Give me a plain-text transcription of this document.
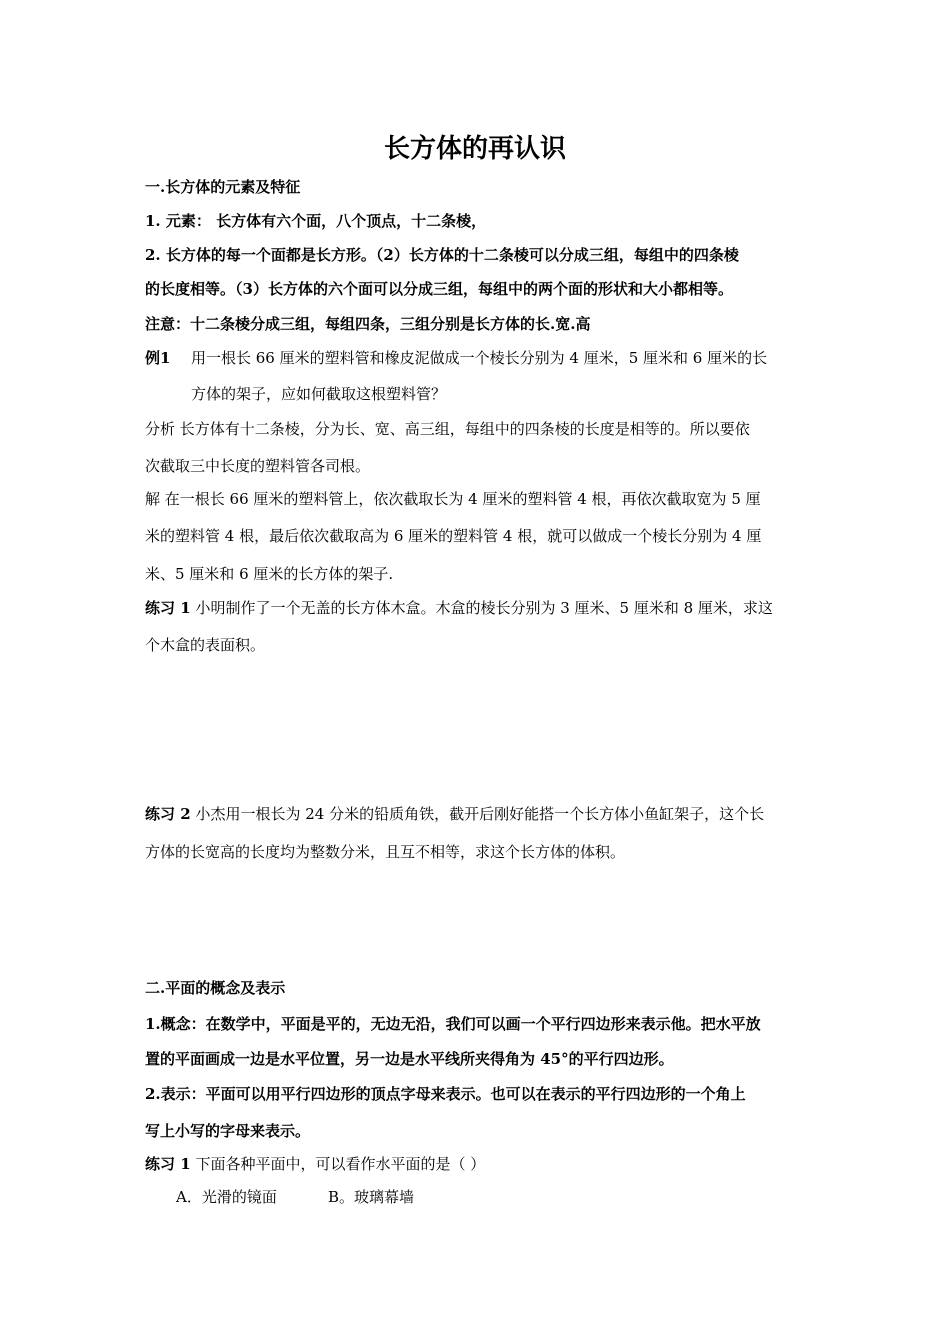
长方体的再认识
一.长方体的元素及特征
1. 元素： 长方体有六个面，八个顶点，十二条棱，
2. 长方体的每一个面都是长方形。（2）长方体的十二条棱可以分成三组，每组中的四条棱
的长度相等。（3）长方体的六个面可以分成三组，每组中的两个面的形状和大小都相等。
注意：十二条棱分成三组，每组四条，三组分别是长方体的长.宽.高
例1 用一根长 66 厘米的塑料管和橡皮泥做成一个棱长分别为 4 厘米，5 厘米和 6 厘米的长
方体的架子，应如何截取这根塑料管？
分析 长方体有十二条棱，分为长、宽、高三组，每组中的四条棱的长度是相等的。所以要依
次截取三中长度的塑料管各司根。
解 在一根长 66 厘米的塑料管上，依次截取长为 4 厘米的塑料管 4 根，再依次截取宽为 5 厘
米的塑料管 4 根，最后依次截取高为 6 厘米的塑料管 4 根，就可以做成一个棱长分别为 4 厘
米、5 厘米和 6 厘米的长方体的架子.
练习 1 小明制作了一个无盖的长方体木盒。木盒的棱长分别为 3 厘米、5 厘米和 8 厘米，求这
个木盒的表面积。
练习 2 小杰用一根长为 24 分米的铅质角铁，截开后刚好能搭一个长方体小鱼缸架子，这个长
方体的长宽高的长度均为整数分米，且互不相等，求这个长方体的体积。
二.平面的概念及表示
1.概念：在数学中，平面是平的，无边无沿，我们可以画一个平行四边形来表示他。把水平放
置的平面画成一边是水平位置，另一边是水平线所夹得角为 45°的平行四边形。
2.表示：平面可以用平行四边形的顶点字母来表示。也可以在表示的平行四边形的一个角上
写上小写的字母来表示。
练习 1 下面各种平面中，可以看作水平面的是（ ）
A．光滑的镜面	B。玻璃幕墙
